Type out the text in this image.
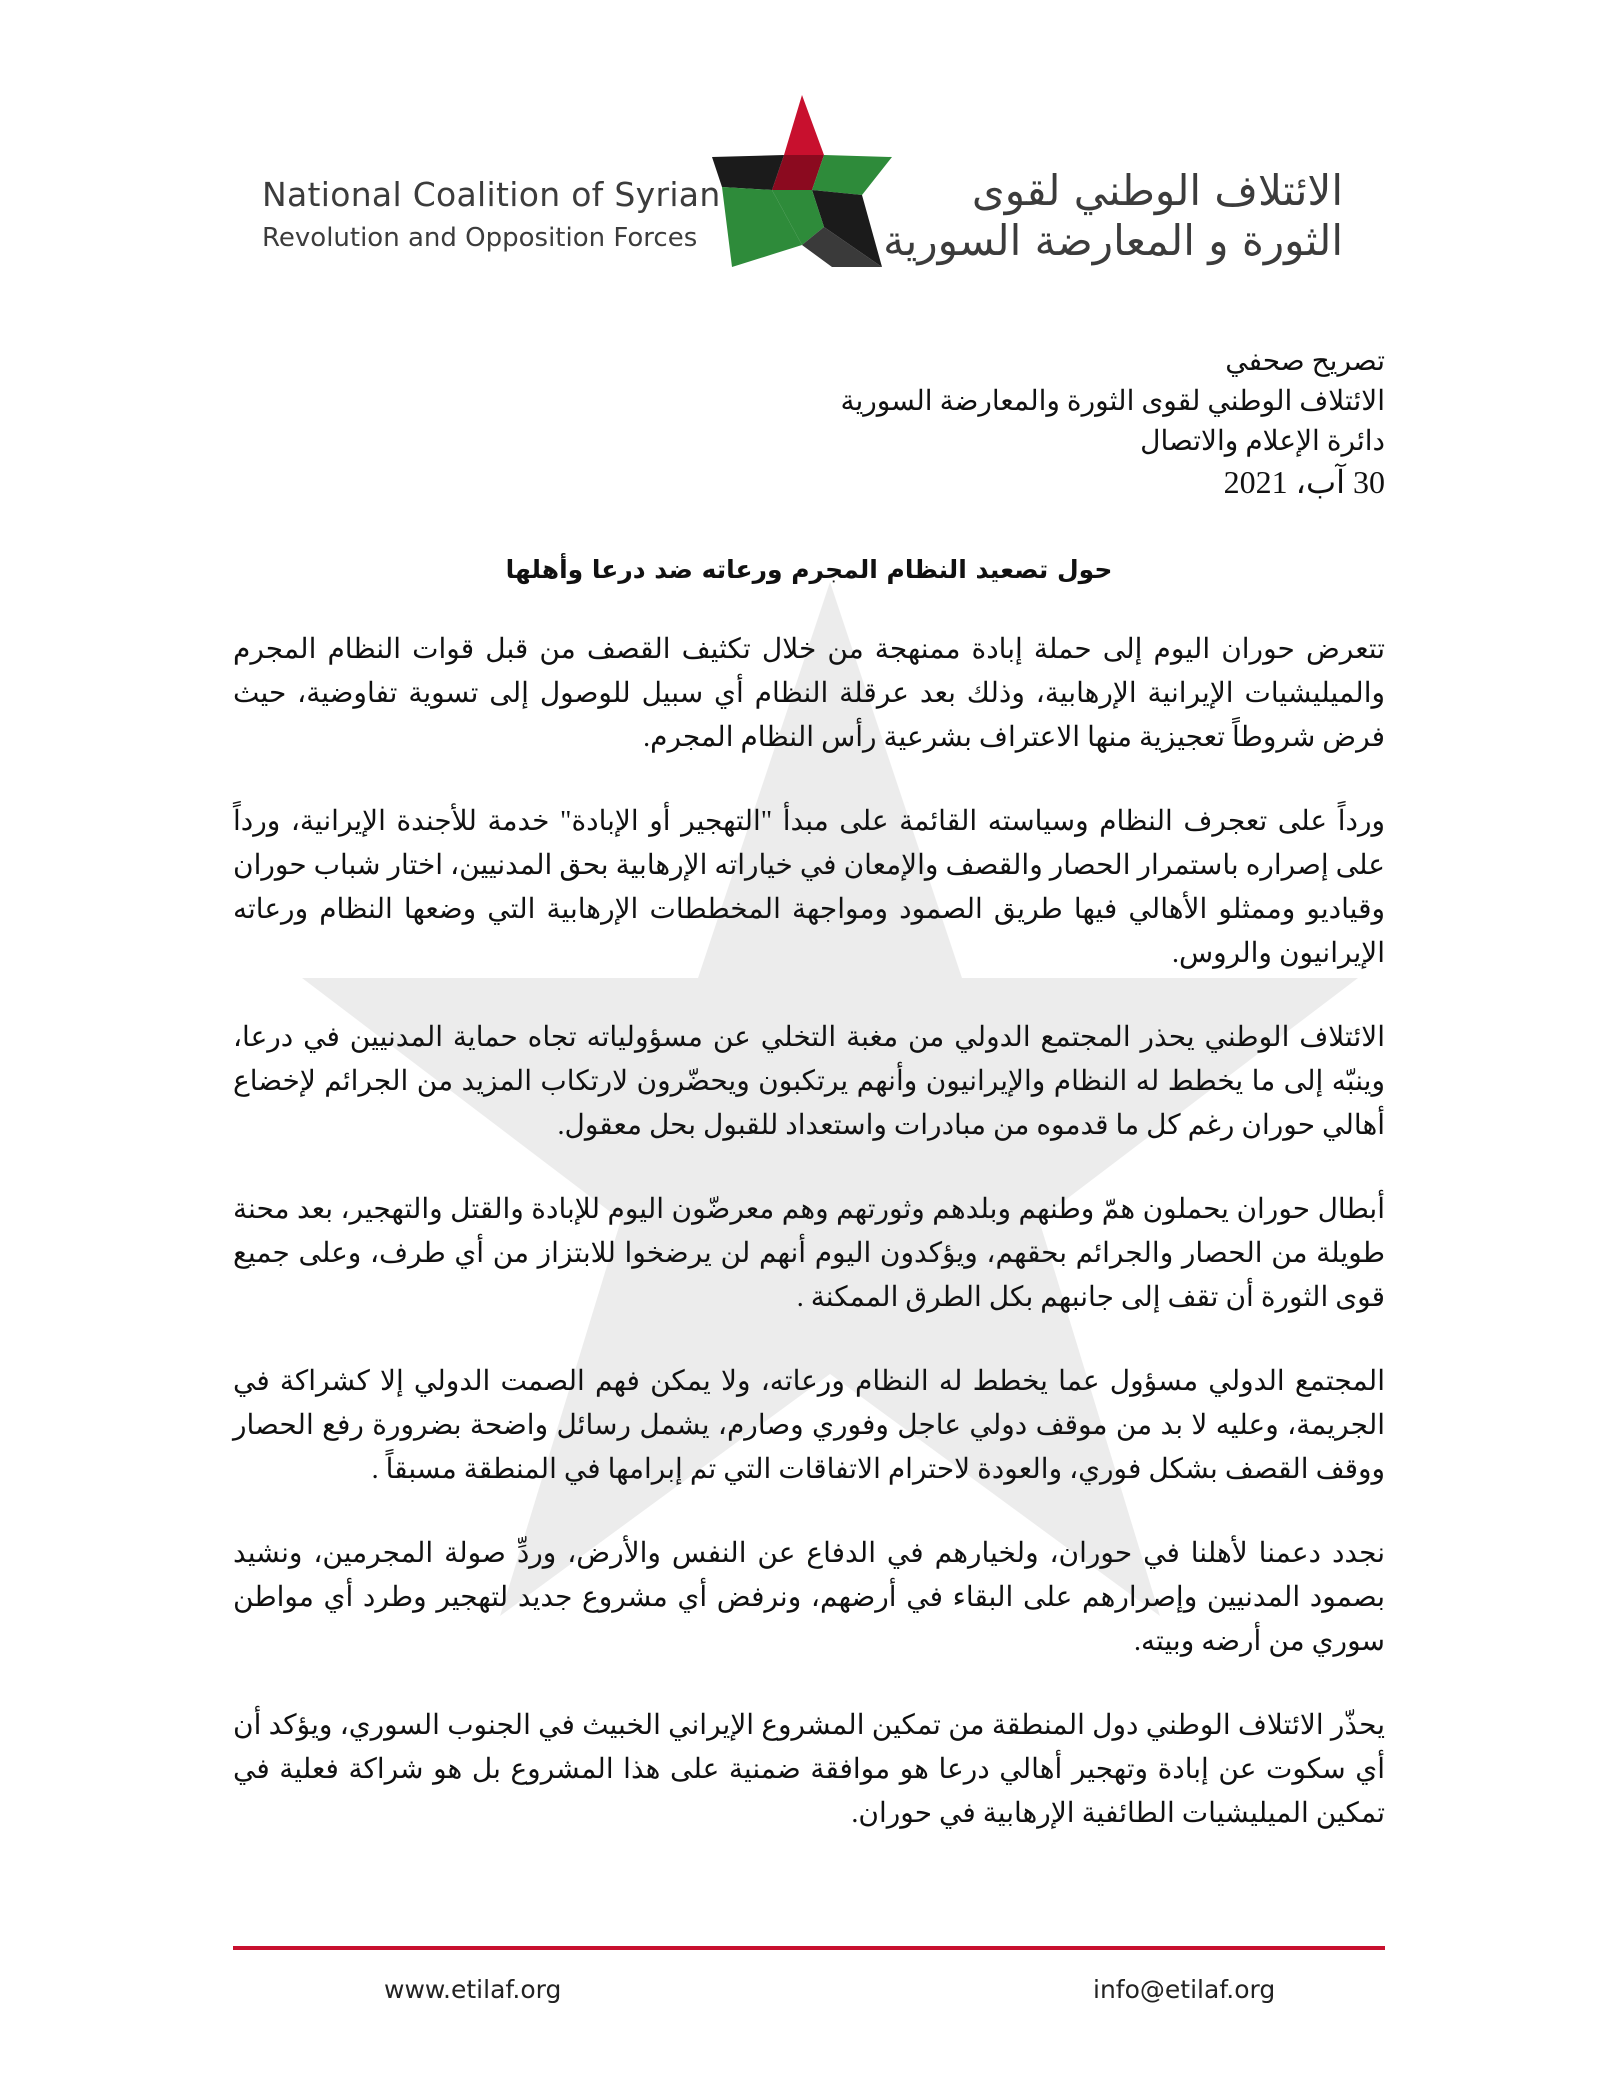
National Coalition of Syrian
Revolution and Opposition Forces
الائتلاف الوطني لقوى
الثورة و المعارضة السورية
تصريح صحفي
الائتلاف الوطني لقوى الثورة والمعارضة السورية
دائرة الإعلام والاتصال
30 آب، 2021
حول تصعيد النظام المجرم ورعاته ضد درعا وأهلها

تتعرض حوران اليوم إلى حملة إبادة ممنهجة من خلال تكثيف القصف من قبل قوات النظام المجرم والميليشيات الإيرانية الإرهابية، وذلك بعد عرقلة النظام أي سبيل للوصول إلى تسوية تفاوضية، حيث فرض شروطاً تعجيزية منها الاعتراف بشرعية رأس النظام المجرم.

ورداً على تعجرف النظام وسياسته القائمة على مبدأ "التهجير أو الإبادة" خدمة للأجندة الإيرانية، ورداً على إصراره باستمرار الحصار والقصف والإمعان في خياراته الإرهابية بحق المدنيين، اختار شباب حوران وقياديو وممثلو الأهالي فيها طريق الصمود ومواجهة المخططات الإرهابية التي وضعها النظام ورعاته الإيرانيون والروس.

الائتلاف الوطني يحذر المجتمع الدولي من مغبة التخلي عن مسؤولياته تجاه حماية المدنيين في درعا، وينبّه إلى ما يخطط له النظام والإيرانيون وأنهم يرتكبون ويحضّرون لارتكاب المزيد من الجرائم لإخضاع أهالي حوران رغم كل ما قدموه من مبادرات واستعداد للقبول بحل معقول.

أبطال حوران يحملون همّ وطنهم وبلدهم وثورتهم وهم معرضّون اليوم للإبادة والقتل والتهجير، بعد محنة طويلة من الحصار والجرائم بحقهم، ويؤكدون اليوم أنهم لن يرضخوا للابتزاز من أي طرف، وعلى جميع قوى الثورة أن تقف إلى جانبهم بكل الطرق الممكنة .

المجتمع الدولي مسؤول عما يخطط له النظام ورعاته، ولا يمكن فهم الصمت الدولي إلا كشراكة في الجريمة، وعليه لا بد من موقف دولي عاجل وفوري وصارم، يشمل رسائل واضحة بضرورة رفع الحصار ووقف القصف بشكل فوري، والعودة لاحترام الاتفاقات التي تم إبرامها في المنطقة مسبقاً .

نجدد دعمنا لأهلنا في حوران، ولخيارهم في الدفاع عن النفس والأرض، وردِّ صولة المجرمين، ونشيد بصمود المدنيين وإصرارهم على البقاء في أرضهم، ونرفض أي مشروع جديد لتهجير وطرد أي مواطن سوري من أرضه وبيته.

يحذّر الائتلاف الوطني دول المنطقة من تمكين المشروع الإيراني الخبيث في الجنوب السوري، ويؤكد أن أي سكوت عن إبادة وتهجير أهالي درعا هو موافقة ضمنية على هذا المشروع بل هو شراكة فعلية في تمكين الميليشيات الطائفية الإرهابية في حوران.

www.etilaf.org	info@etilaf.org
